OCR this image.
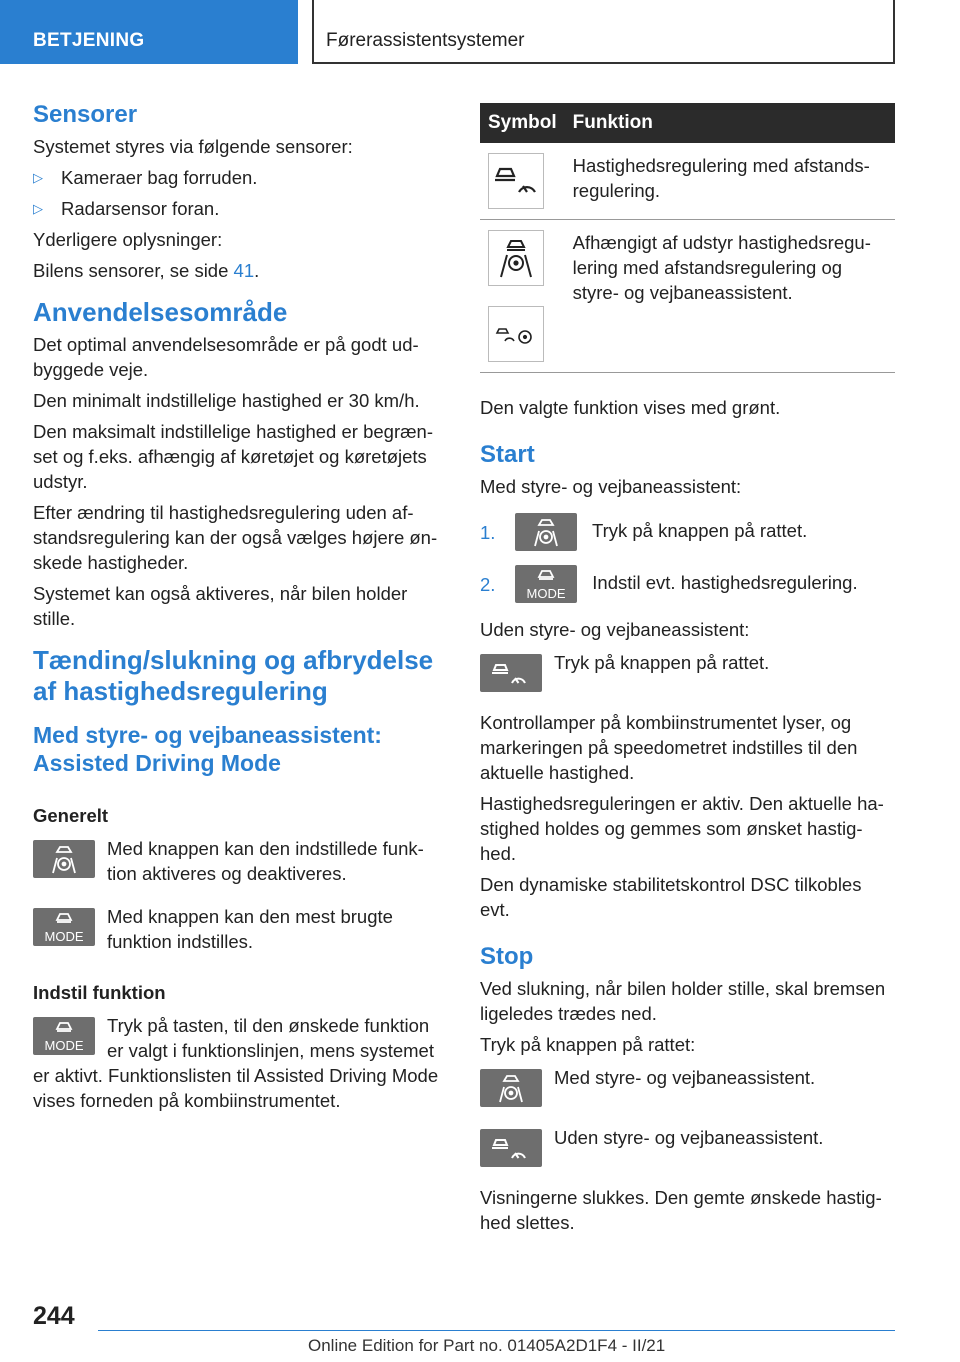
BETJENING	Førerassistentsystemer
Sensorer

Systemet styres via følgende sensorer:

▷ Kameraer bag forruden.

▷ Radarsensor foran.

Yderligere oplysninger:

Bilens sensorer, se side 41.

Anvendelsesområde

Det optimal anvendelsesområde er på godt ud-byggede veje.

Den minimalt indstillelige hastighed er 30 km/h.

Den maksimalt indstillelige hastighed er begræn-set og f.eks. afhængig af køretøjet og køretøjets udstyr.

Efter ændring til hastighedsregulering uden af-standsregulering kan der også vælges højere øn-skede hastigheder.

Systemet kan også aktiveres, når bilen holder stille.

Tænding/slukning og afbrydelse af hastighedsregulering
Med styre- og vejbaneassistent: Assisted Driving Mode
Generelt
Med knappen kan den indstillede funk-tion aktiveres og deaktiveres.
MODE
Med knappen kan den mest brugte funktion indstilles.
Indstil funktion
MODE

Tryk på tasten, til den ønskede funktion er valgt i funktionslinjen, mens systemet er aktivt. Funktionslisten til Assisted Driving Mode vises forneden på kombiinstrumentet.

Symbol	Funktion

	Hastighedsregulering med afstands-regulering.

	Afhængigt af udstyr hastighedsregu-lering med afstandsregulering og styre- og vejbaneassistent.

Den valgte funktion vises med grønt.

Start

Med styre- og vejbaneassistent:

1.	Tryk på knappen på rattet.
2. MODE
Indstil evt. hastighedsregulering.

Uden styre- og vejbaneassistent:

Tryk på knappen på rattet.

Kontrollamper på kombiinstrumentet lyser, og markeringen på speedometret indstilles til den aktuelle hastighed.

Hastighedsreguleringen er aktiv. Den aktuelle ha-stighed holdes og gemmes som ønsket hastig-hed.

Den dynamiske stabilitetskontrol DSC tilkobles evt.

Stop

Ved slukning, når bilen holder stille, skal bremsen ligeledes trædes ned.

Tryk på knappen på rattet:

Med styre- og vejbaneassistent.
Uden styre- og vejbaneassistent.

Visningerne slukkes. Den gemte ønskede hastig-hed slettes.

244
Online Edition for Part no. 01405A2D1F4 - II/21
